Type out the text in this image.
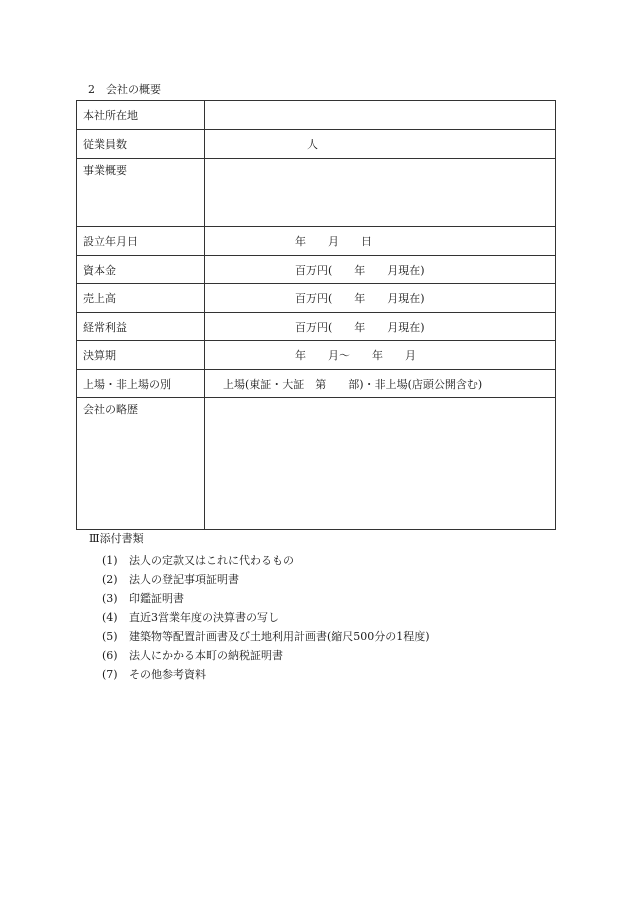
2　会社の概要
本社所在地	

従業員数	人

事業概要	

設立年月日	年　　月　　日

資本金	百万円(　　年　　月現在)

売上高	百万円(　　年　　月現在)

経常利益	百万円(　　年　　月現在)

決算期	年　　月〜　　年　　月

上場・非上場の別	上場(東証・大証　第　　部)・非上場(店頭公開含む)

会社の略歴	
Ⅲ添付書類
(1) 法人の定款又はこれに代わるもの
(2) 法人の登記事項証明書
(3) 印鑑証明書
(4) 直近3営業年度の決算書の写し
(5) 建築物等配置計画書及び土地利用計画書(縮尺500分の1程度)
(6) 法人にかかる本町の納税証明書
(7) その他参考資料
